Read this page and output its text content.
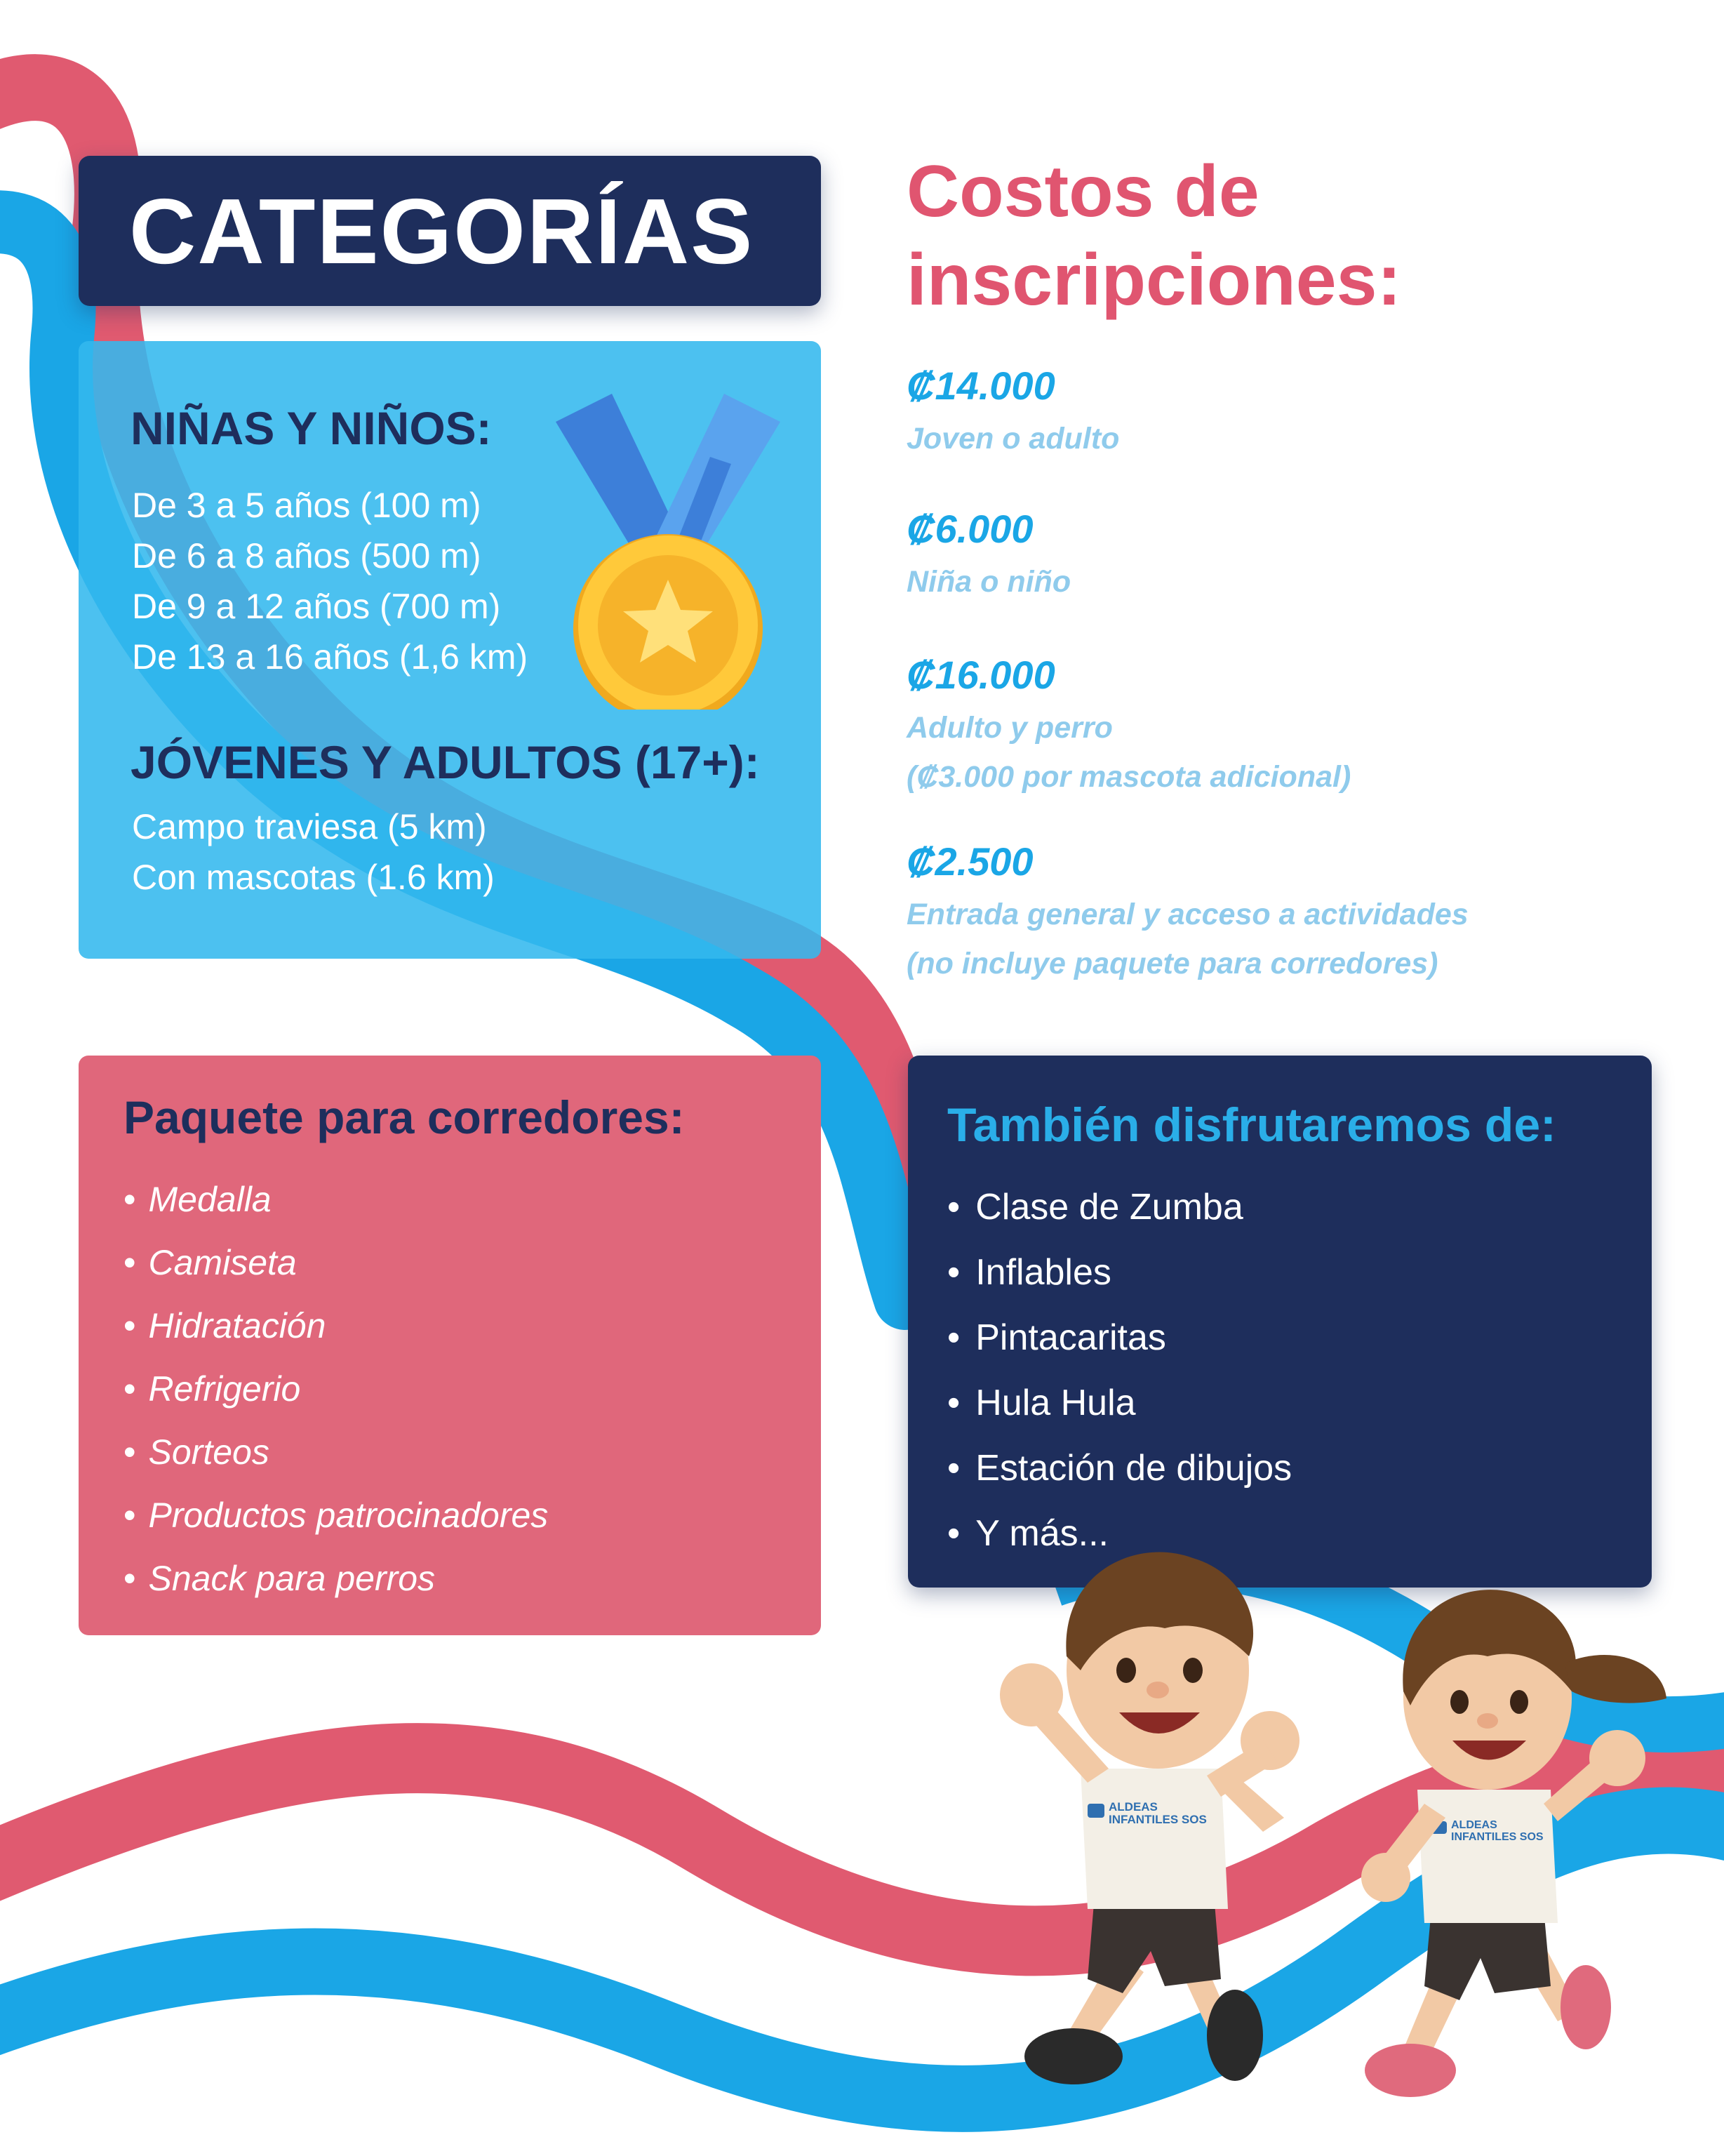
CATEGORÍAS
NIÑAS Y NIÑOS:
De 3 a 5 años (100 m)
De 6 a 8 años (500 m)
De 9 a 12 años (700 m)
De 13 a 16 años (1,6 km)
JÓVENES Y ADULTOS (17+):
Campo traviesa (5 km)
Con mascotas (1.6 km)
Costos de
inscripciones:
₡14.000
Joven o adulto
₡6.000
Niña o niño
₡16.000
Adulto y perro
(₡3.000 por mascota adicional)
₡2.500
Entrada general y acceso a actividades
(no incluye paquete para corredores)
Paquete para corredores:
• Medalla
• Camiseta
• Hidratación
• Refrigerio
• Sorteos
• Productos patrocinadores
• Snack para perros
También disfrutaremos de:
• Clase de Zumba
• Inflables
• Pintacaritas
• Hula Hula
• Estación de dibujos
• Y más...
ALDEAS
INFANTILES SOS	ALDEAS
INFANTILES SOS
